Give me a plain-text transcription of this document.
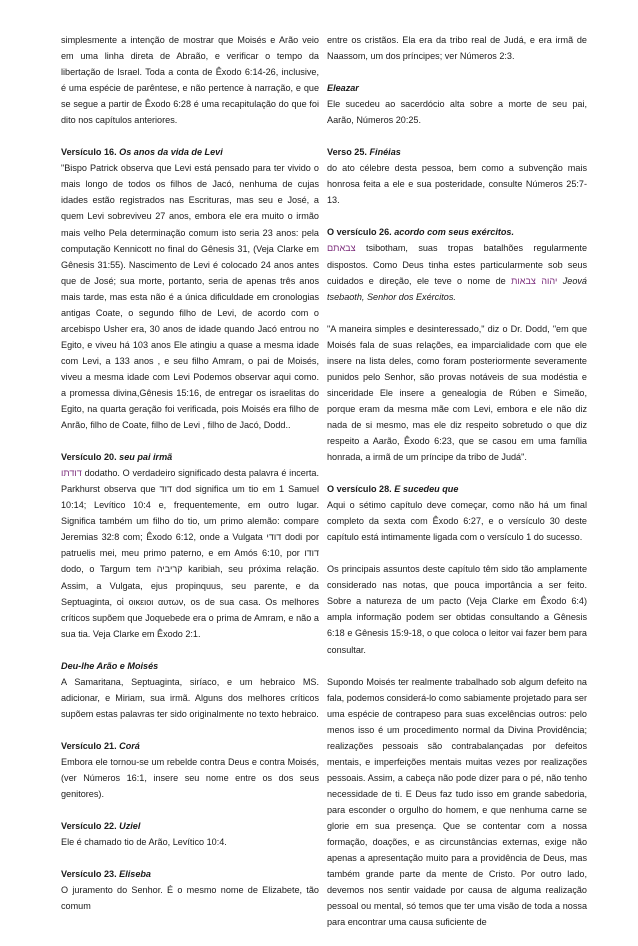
simplesmente a intenção de mostrar que Moisés e Arão veio em uma linha direta de Abraão, e verificar o tempo da libertação de Israel. Toda a conta de Êxodo 6:14-26, inclusive, é uma espécie de parêntese, e não pertence à narração, e que se segue a partir de Êxodo 6:28 é uma recapitulação do que foi dito nos capítulos anteriores.

Versículo 16. Os anos da vida de Levi
"Bispo Patrick observa que Levi está pensado para ter vivido o mais longo de todos os filhos de Jacó, nenhuma de cujas idades estão registrados nas Escrituras, mas seu e José, a quem Levi sobreviveu 27 anos, embora ele era muito o irmão mais velho Pela determinação comum isto seria 23 anos: pela computação Kennicott no final do Gênesis 31, (Veja Clarke em Gênesis 31:55). Nascimento de Levi é colocado 24 anos antes que de José; sua morte, portanto, seria de apenas três anos mais tarde, mas esta não é a única dificuldade em cronologias antigas Coate, o segundo filho de Levi, de acordo com o arcebispo Usher era, 30 anos de idade quando Jacó entrou no Egito, e viveu há 103 anos Ele atingiu a quase a mesma idade com Levi, a 133 anos , e seu filho Amram, o pai de Moisés, viveu a mesma idade com Levi Podemos observar aqui como. a promessa divina,Gênesis 15:16, de entregar os israelitas do Egito, na quarta geração foi verificada, pois Moisés era filho de Anrão, filho de Coate, filho de Levi , filho de Jacó, Dodd..

Versículo 20. seu pai irmã
דודתו dodatho. O verdadeiro significado desta palavra é incerta. Parkhurst observa que דוד dod significa um tio em 1 Samuel 10:14; Levítico 10:4 e, frequentemente, em outro lugar. Significa também um filho do tio, um primo alemão: compare Jeremias 32:8 com; Êxodo 6:12, onde a Vulgata דודי dodi por patruelis mei, meu primo paterno, e em Amós 6:10, por דודו dodo, o Targum tem קריביה karibiah, seu próxima relação. Assim, a Vulgata, ejus propinquus, seu parente, e da Septuaginta, οἱ οικειοι αυτων, os de sua casa. Os melhores críticos supõem que Joquebede era o prima de Amram, e não a sua tia. Veja Clarke em Êxodo 2:1.

Deu-lhe Arão e Moisés
A Samaritana, Septuaginta, siríaco, e um hebraico MS. adicionar, e Miriam, sua irmã. Alguns dos melhores críticos supõem estas palavras ter sido originalmente no texto hebraico.

Versículo 21. Corá
Embora ele tornou-se um rebelde contra Deus e contra Moisés, (ver Números 16:1, insere seu nome entre os dos seus genitores).

Versículo 22. Uziel
Ele é chamado tio de Arão, Levítico 10:4.

Versículo 23. Eliseba
O juramento do Senhor. É o mesmo nome de Elizabete, tão comum

entre os cristãos. Ela era da tribo real de Judá, e era irmã de Naassom, um dos príncipes; ver Números 2:3.

Eleazar
Ele sucedeu ao sacerdócio alta sobre a morte de seu pai, Aarão, Números 20:25.

Verso 25. Finéias
do ato célebre desta pessoa, bem como a subvenção mais honrosa feita a ele e sua posteridade, consulte Números 25:7-13.

O versículo 26. acordo com seus exércitos.
צבאתם tsibotham, suas tropas batalhões regularmente dispostos. Como Deus tinha estes particularmente sob seus cuidados e direção, ele teve o nome de יהוה צבאות Jeová tsebaoth, Senhor dos Exércitos.

"A maneira simples e desinteressado," diz o Dr. Dodd, "em que Moisés fala de suas relações, ea imparcialidade com que ele insere na lista deles, como foram posteriormente severamente punidos pelo Senhor, são provas notáveis de sua modéstia e sinceridade Ele insere a genealogia de Rúben e Simeão, porque eram da mesma mãe com Levi, embora e ele não diz nada de si mesmo, mas ele diz respeito sobretudo o que diz respeito a Aarão, Êxodo 6:23, que se casou em uma família honrada, a irmã de um príncipe da tribo de Judá".

O versículo 28. E sucedeu que
Aqui o sétimo capítulo deve começar, como não há um final completo da sexta com Êxodo 6:27, e o versículo 30 deste capítulo está intimamente ligada com o versículo 1 do sucesso.

Os principais assuntos deste capítulo têm sido tão amplamente considerado nas notas, que pouca importância a ser feito. Sobre a natureza de um pacto (Veja Clarke em Êxodo 6:4) ampla informação podem ser obtidas consultando a Gênesis 6:18 e Gênesis 15:9-18, o que coloca o leitor vai fazer bem para consultar.

Supondo Moisés ter realmente trabalhado sob algum defeito na fala, podemos considerá-lo como sabiamente projetado para ser uma espécie de contrapeso para suas excelências outros: pelo menos isso é um procedimento normal da Divina Providência; realizações pessoais são contrabalançadas por defeitos mentais, e imperfeições mentais muitas vezes por realizações pessoais. Assim, a cabeça não pode dizer para o pé, não tenho necessidade de ti. E Deus faz tudo isso em grande sabedoria, para esconder o orgulho do homem, e que nenhuma carne se glorie em sua presença. Que se contentar com a nossa formação, doações, e as circunstâncias externas, exige não apenas a apresentação muito para a providência de Deus, mas também grande parte da mente de Cristo. Por outro lado, devemos nos sentir vaidade por causa de alguma realização pessoal ou mental, só temos que ter uma visão de toda a nossa para encontrar uma causa suficiente de
